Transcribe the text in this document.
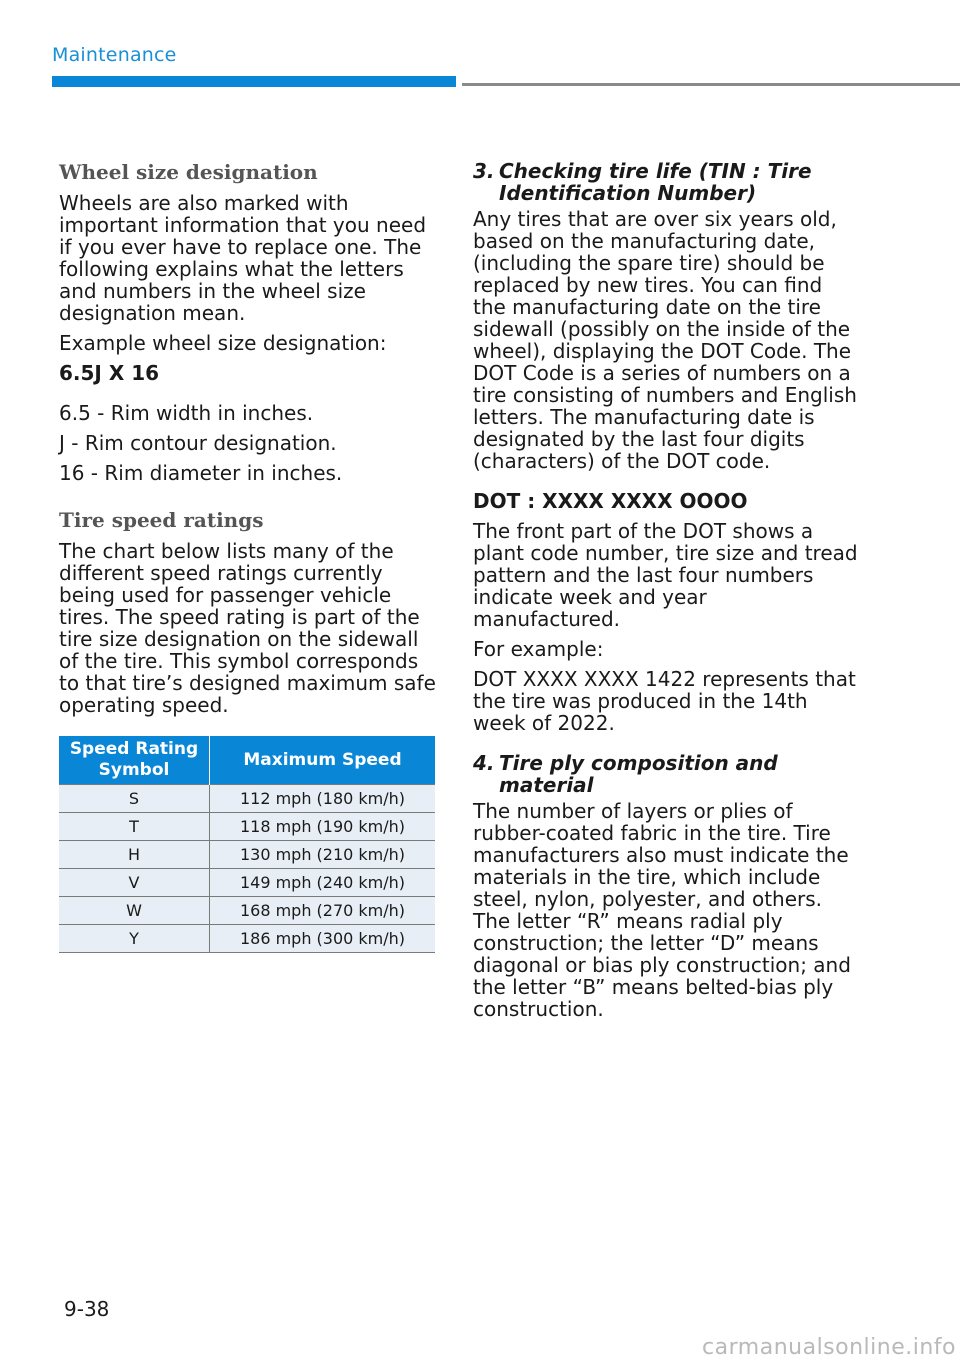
Maintenance
Wheel size designation

Wheels are also marked with important information that you need if you ever have to replace one. The following explains what the letters and numbers in the wheel size designation mean.

Example wheel size designation:

6.5J X 16

6.5 - Rim width in inches.

J - Rim contour designation.

16 - Rim diameter in inches.

Tire speed ratings

The chart below lists many of the different speed ratings currently being used for passenger vehicle tires. The speed rating is part of the tire size designation on the sidewall of the tire. This symbol corresponds to that tire’s designed maximum safe operating speed.

Speed Rating Symbol	Maximum Speed
S	112 mph (180 km/h)
T	118 mph (190 km/h)
H	130 mph (210 km/h)
V	149 mph (240 km/h)
W	168 mph (270 km/h)
Y	186 mph (300 km/h)
3. Checking tire life (TIN : Tire Identification Number)

Any tires that are over six years old, based on the manufacturing date, (including the spare tire) should be replaced by new tires. You can find the manufacturing date on the tire sidewall (possibly on the inside of the wheel), displaying the DOT Code. The DOT Code is a series of numbers on a tire consisting of numbers and English letters. The manufacturing date is designated by the last four digits (characters) of the DOT code.

DOT : XXXX XXXX OOOO

The front part of the DOT shows a plant code number, tire size and tread pattern and the last four numbers indicate week and year manufactured.

For example:

DOT XXXX XXXX 1422 represents that the tire was produced in the 14th week of 2022.

4. Tire ply composition and material

The number of layers or plies of rubber-coated fabric in the tire. Tire manufacturers also must indicate the materials in the tire, which include steel, nylon, polyester, and others. The letter “R” means radial ply construction; the letter “D” means diagonal or bias ply construction; and the letter “B” means belted-bias ply construction.

9-38
carmanualsonline.info
